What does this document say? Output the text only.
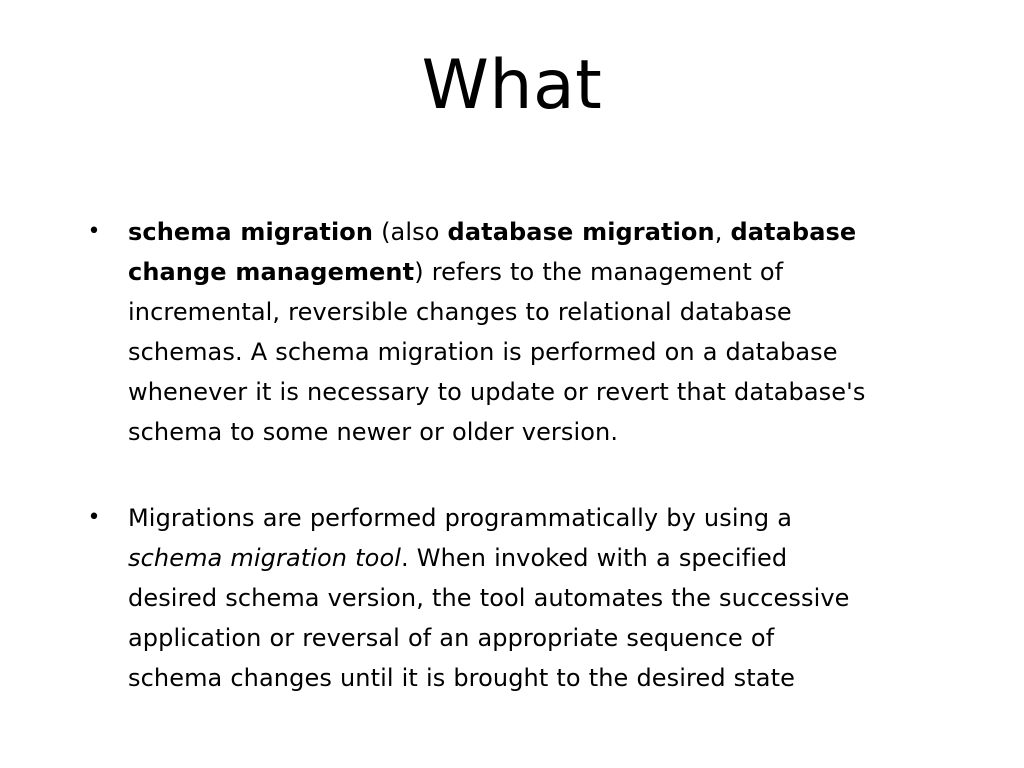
What
• schema migration (also database migration, database
change management) refers to the management of
incremental, reversible changes to relational database
schemas. A schema migration is performed on a database
whenever it is necessary to update or revert that database's
schema to some newer or older version.
• Migrations are performed programmatically by using a
schema migration tool. When invoked with a specified
desired schema version, the tool automates the successive
application or reversal of an appropriate sequence of
schema changes until it is brought to the desired state
